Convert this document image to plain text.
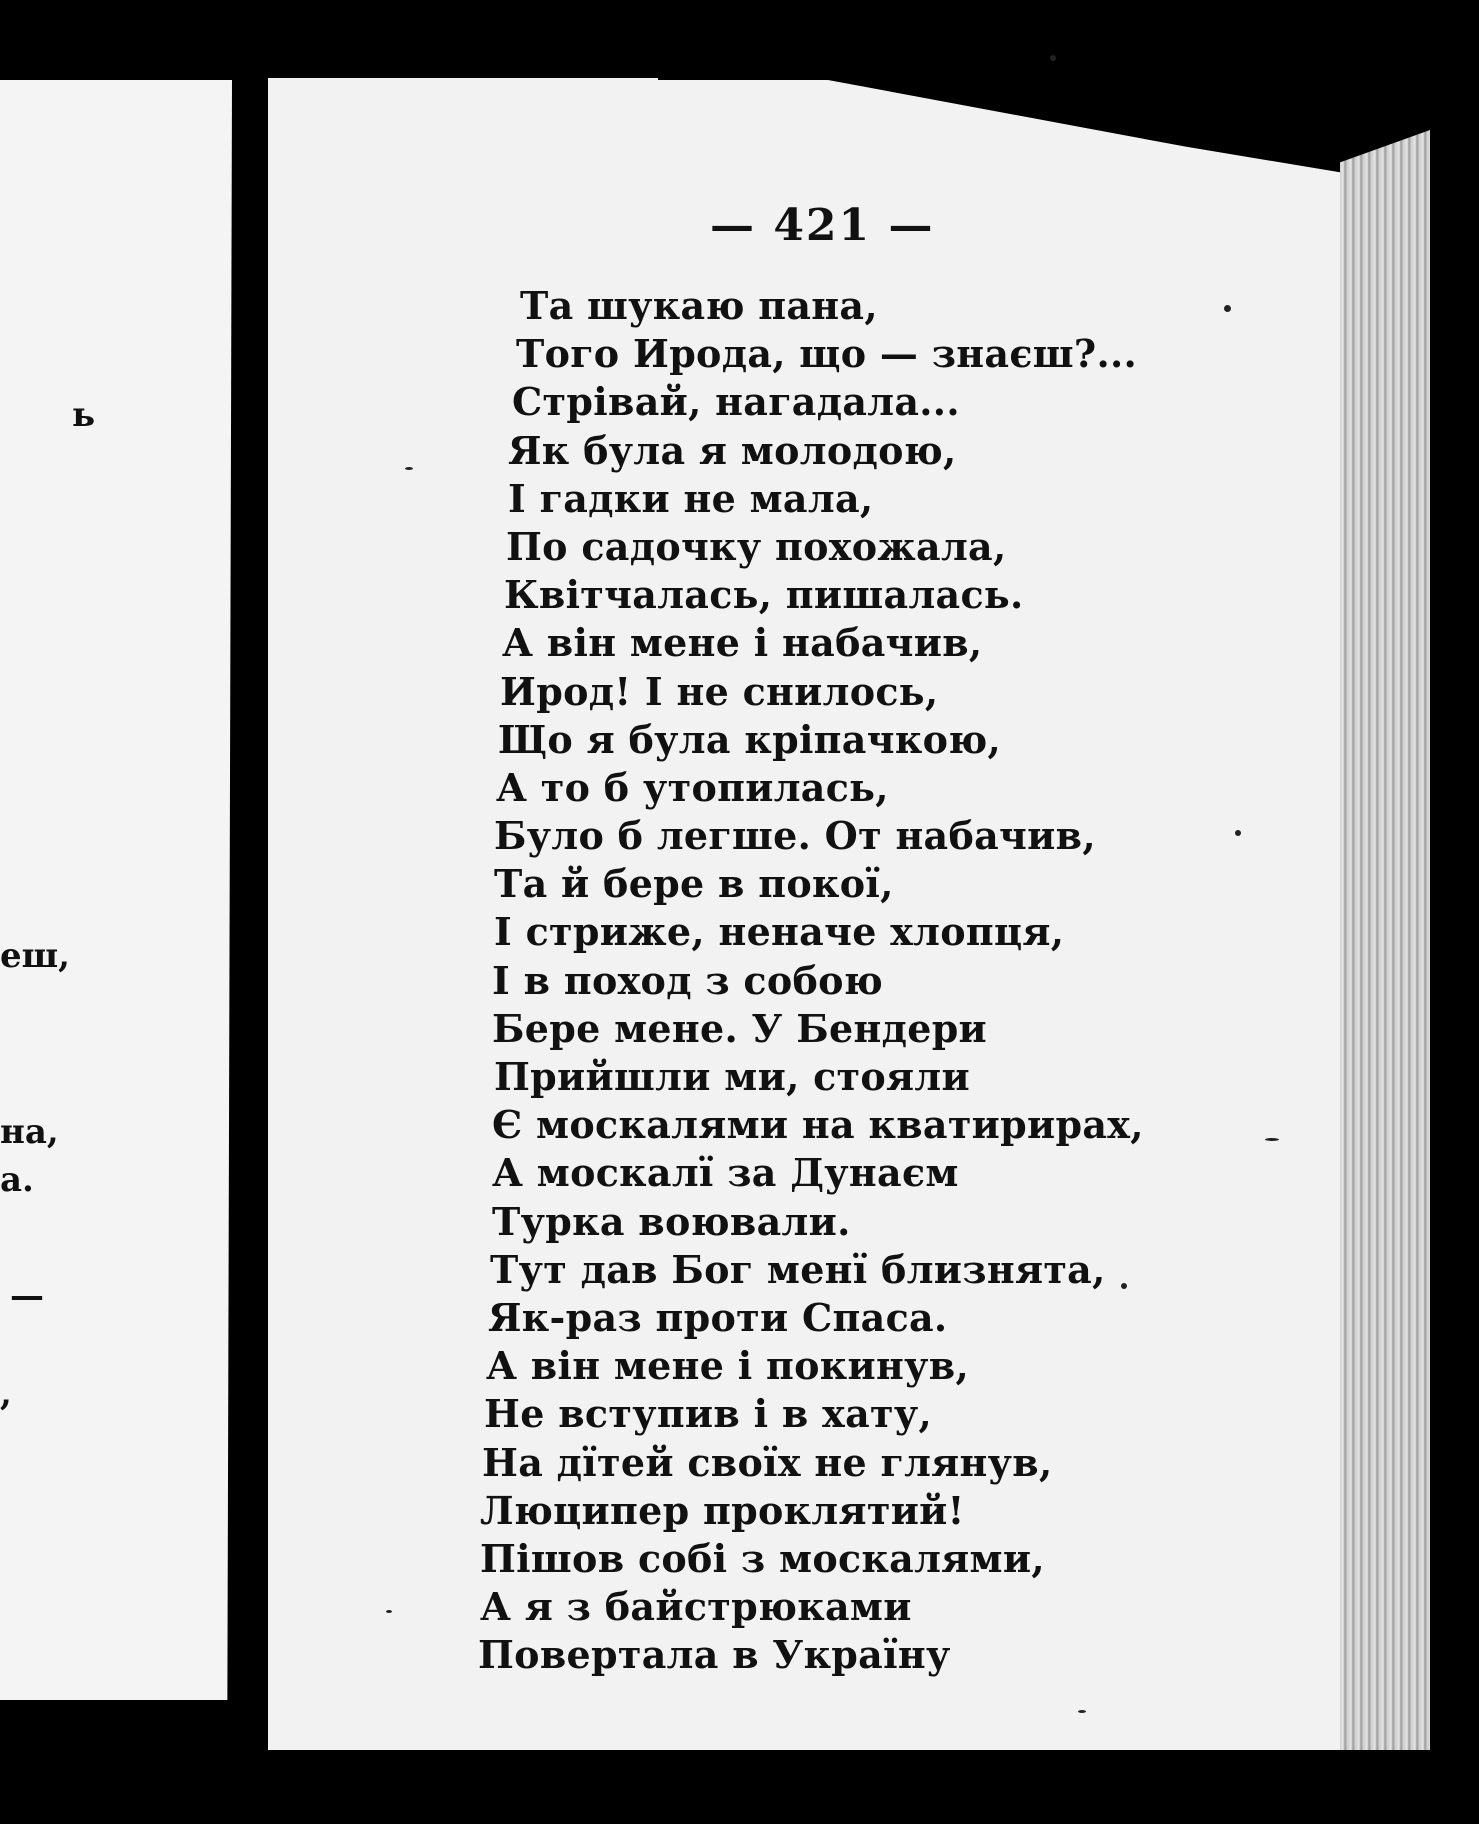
ь
еш,
на,
а.
—
,
— 421 —
Та шукаю пана,
Того Ирода, що — знаєш?...
Стрівай, нагадала...
Як була я молодою,
І гадки не мала,
По садочку похожала,
Квітчалась, пишалась.
А він мене і набачив,
Ирод! І не снилось,
Що я була кріпачкою,
А то б утопилась,
Було б легше. От набачив,
Та й бере в покої,
І стриже, неначе хлопця,
І в поход з собою
Бере мене. У Бендери
Прийшли ми, стояли
Є москалями на кватирирах,
А москалї за Дунаєм
Турка воювали.
Тут дав Бог менї близнята,
Як-раз проти Спаса.
А він мене і покинув,
Не вступив і в хату,
На дїтей своїх не глянув,
Люципер проклятий!
Пішов собі з москалями,
А я з байстрюками
Повертала в Україну
